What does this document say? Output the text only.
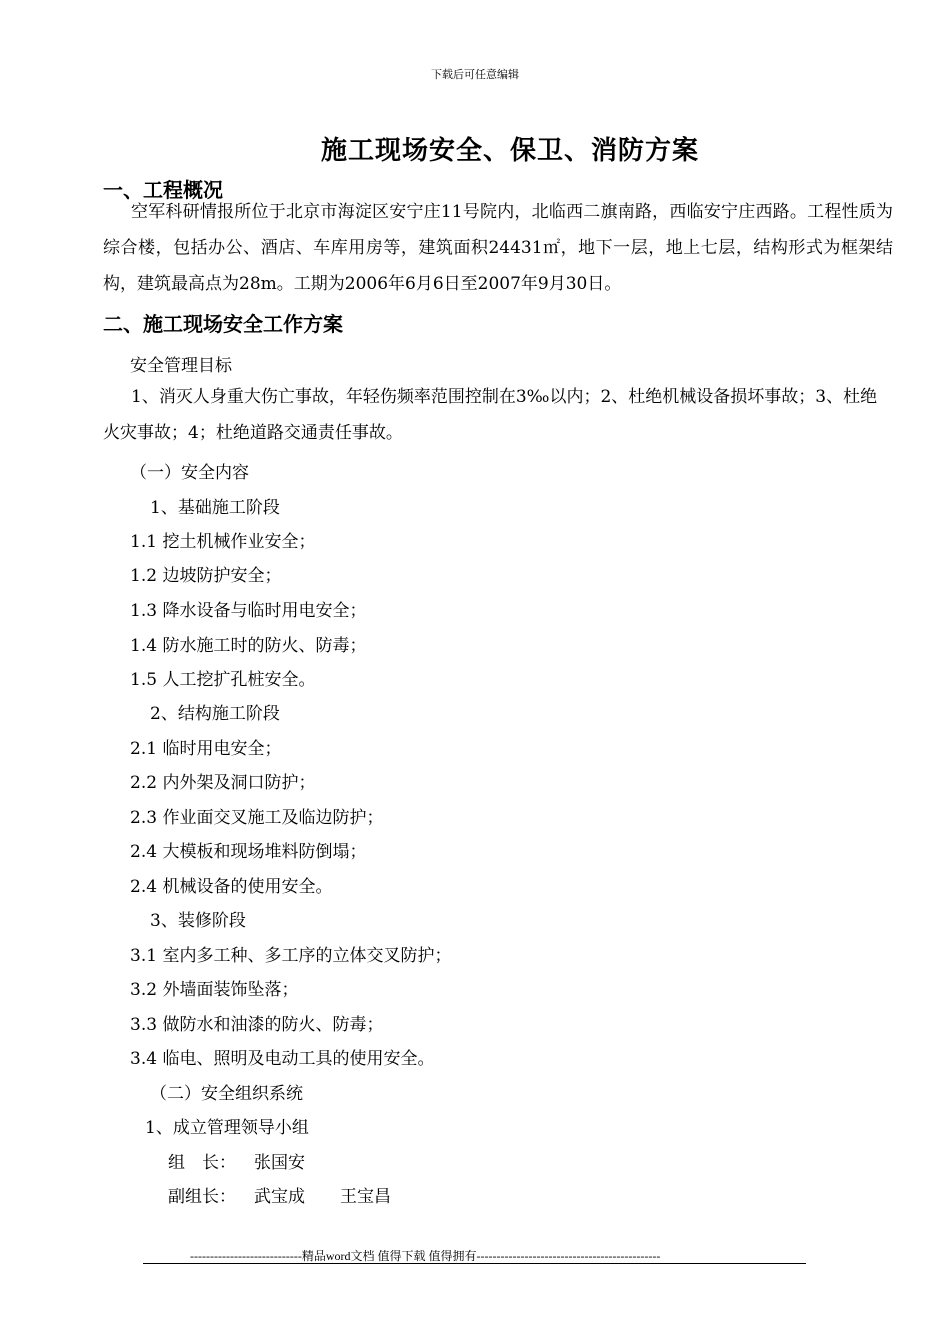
下载后可任意编辑
施工现场安全、保卫、消防方案
一、工程概况
空军科研情报所位于北京市海淀区安宁庄11号院内，北临西二旗南路，西临安宁庄西路。工程性质为综合楼，包括办公、酒店、车库用房等，建筑面积24431㎡，地下一层，地上七层，结构形式为框架结构，建筑最高点为28m。工期为2006年6月6日至2007年9月30日。
二、施工现场安全工作方案
安全管理目标
1、消灭人身重大伤亡事故，年轻伤频率范围控制在3‰以内；2、杜绝机械设备损坏事故；3、杜绝火灾事故；4；杜绝道路交通责任事故。
（一）安全内容
1、基础施工阶段
1.1 挖土机械作业安全；
1.2 边坡防护安全；
1.3 降水设备与临时用电安全；
1.4 防水施工时的防火、防毒；
1.5 人工挖扩孔桩安全。
2、结构施工阶段
2.1 临时用电安全；
2.2 内外架及洞口防护；
2.3 作业面交叉施工及临边防护；
2.4 大模板和现场堆料防倒塌；
2.4 机械设备的使用安全。
3、装修阶段
3.1 室内多工种、多工序的立体交叉防护；
3.2 外墙面装饰坠落；
3.3 做防水和油漆的防火、防毒；
3.4 临电、照明及电动工具的使用安全。
（二）安全组织系统
1、成立管理领导小组
组　长： 张国安
副组长： 武宝成 王宝昌
----------------------------精品word文档 值得下载 值得拥有----------------------------------------------
